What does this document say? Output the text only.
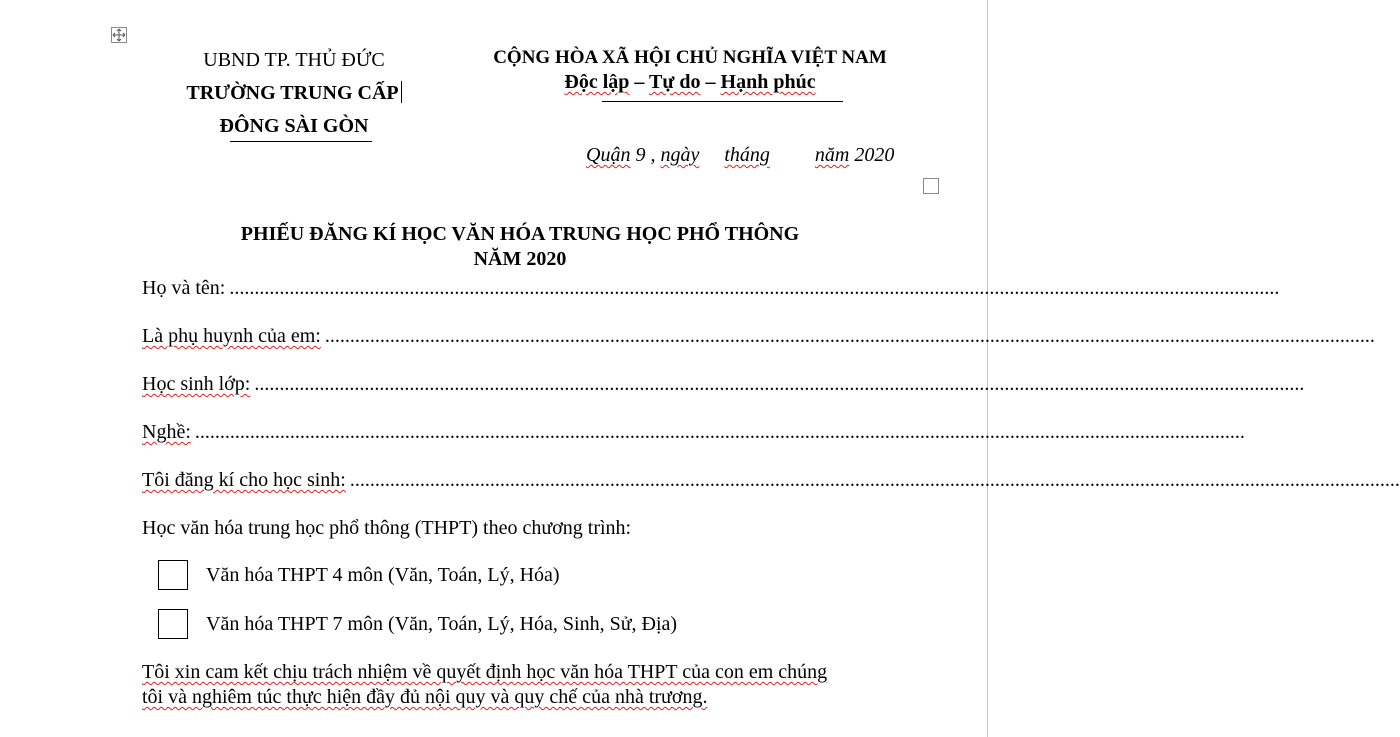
UBND TP. THỦ ĐỨC
TRƯỜNG TRUNG CẤP
ĐÔNG SÀI GÒN
CỘNG HÒA XÃ HỘI CHỦ NGHĨA VIỆT NAM
Độc lập – Tự do – Hạnh phúc
Quận 9 , ngày tháng năm 2020
PHIẾU ĐĂNG KÍ HỌC VĂN HÓA TRUNG HỌC PHỔ THÔNG
NĂM 2020
Họ và tên: ..................................................................................................................................................................................................................
Là phụ huynh của em: ..................................................................................................................................................................................................................
Học sinh lớp: ..................................................................................................................................................................................................................
Nghề: ..................................................................................................................................................................................................................
Tôi đăng kí cho học sinh: ..................................................................................................................................................................................................................
Học văn hóa trung học phổ thông (THPT) theo chương trình:
Văn hóa THPT 4 môn (Văn, Toán, Lý, Hóa)
Văn hóa THPT 7 môn (Văn, Toán, Lý, Hóa, Sinh, Sử, Địa)
Tôi xin cam kết chịu trách nhiệm về quyết định học văn hóa THPT của con em chúng
tôi và nghiêm túc thực hiện đầy đủ nội quy và quy chế của nhà trương.
